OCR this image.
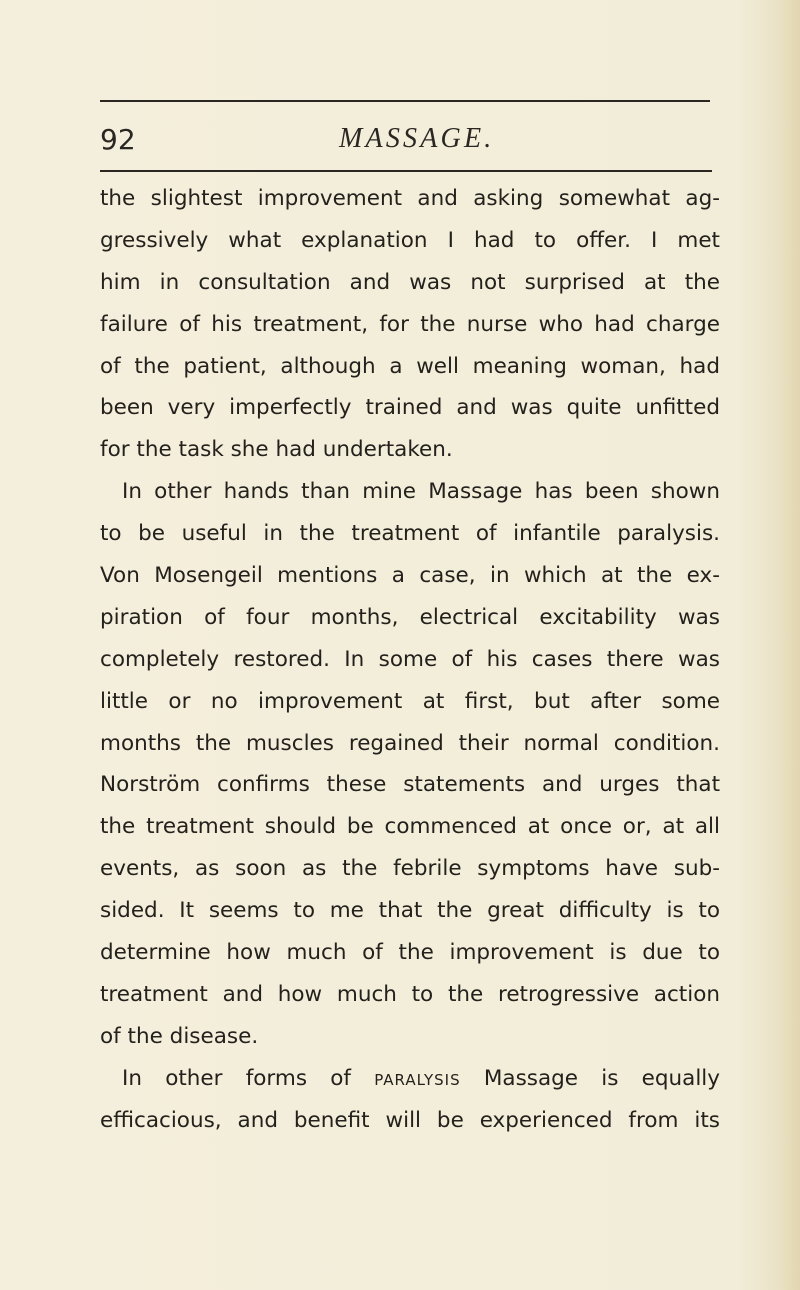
92	MASSAGE.
the slightest improvement and asking somewhat ag-
gressively what explanation I had to offer. I met
him in consultation and was not surprised at the
failure of his treatment, for the nurse who had charge
of the patient, although a well meaning woman, had
been very imperfectly trained and was quite unfitted
for the task she had undertaken.
In other hands than mine Massage has been shown
to be useful in the treatment of infantile paralysis.
Von Mosengeil mentions a case, in which at the ex-
piration of four months, electrical excitability was
completely restored. In some of his cases there was
little or no improvement at first, but after some
months the muscles regained their normal condition.
Norström confirms these statements and urges that
the treatment should be commenced at once or, at all
events, as soon as the febrile symptoms have sub-
sided. It seems to me that the great difficulty is to
determine how much of the improvement is due to
treatment and how much to the retrogressive action
of the disease.
In other forms of paralysis Massage is equally
efficacious, and benefit will be experienced from its
